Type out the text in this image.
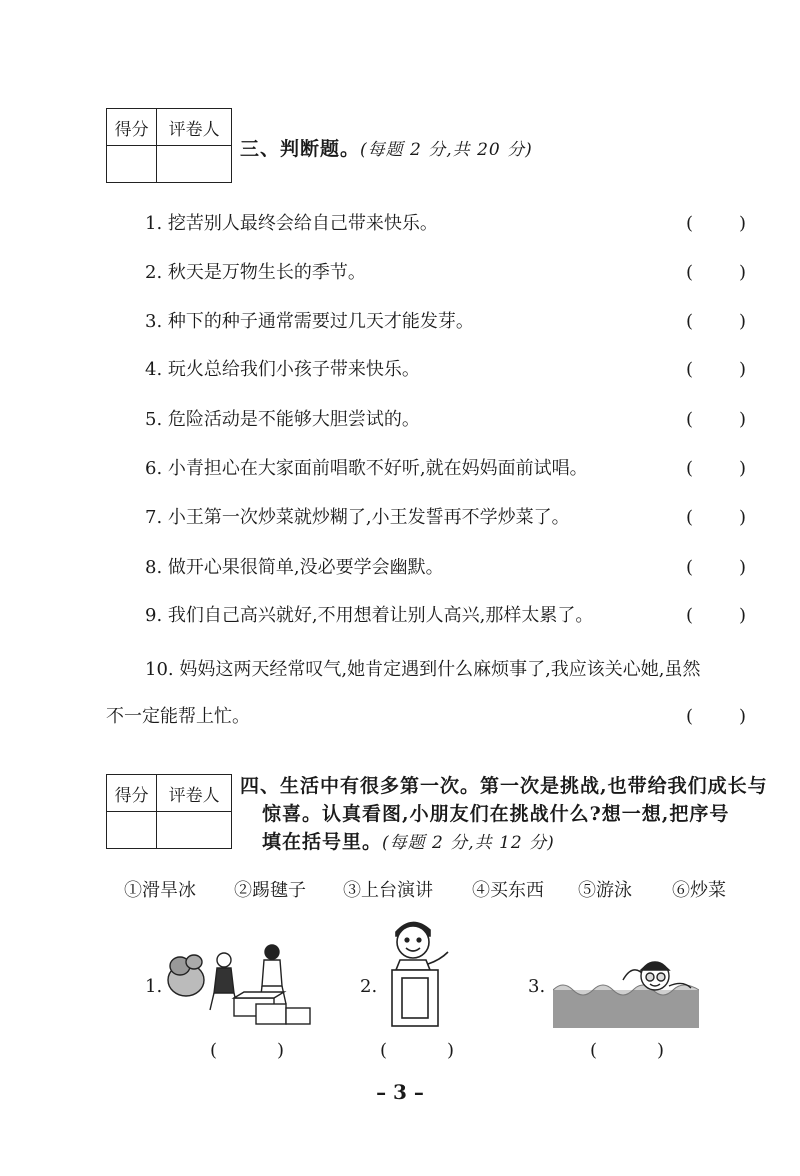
得分	评卷人

三、判断题。(每题 2 分,共 20 分)
1. 挖苦别人最终会给自己带来快乐。	(	)
2. 秋天是万物生长的季节。	(	)
3. 种下的种子通常需要过几天才能发芽。	(	)
4. 玩火总给我们小孩子带来快乐。	(	)
5. 危险活动是不能够大胆尝试的。	(	)
6. 小青担心在大家面前唱歌不好听,就在妈妈面前试唱。	(	)
7. 小王第一次炒菜就炒糊了,小王发誓再不学炒菜了。	(	)
8. 做开心果很简单,没必要学会幽默。	(	)
9. 我们自己高兴就好,不用想着让别人高兴,那样太累了。	(	)
10. 妈妈这两天经常叹气,她肯定遇到什么麻烦事了,我应该关心她,虽然
不一定能帮上忙。	(	)
得分	评卷人
	四、生活中有很多第一次。第一次是挑战,也带给我们成长与
惊喜。认真看图,小朋友们在挑战什么?想一想,把序号
填在括号里。(每题 2 分,共 12 分)
①滑旱冰 ②踢毽子 ③上台演讲 ④买东西 ⑤游泳 ⑥炒菜
1.
(	)
2.
(	)
3.
(	)
– 3 –
